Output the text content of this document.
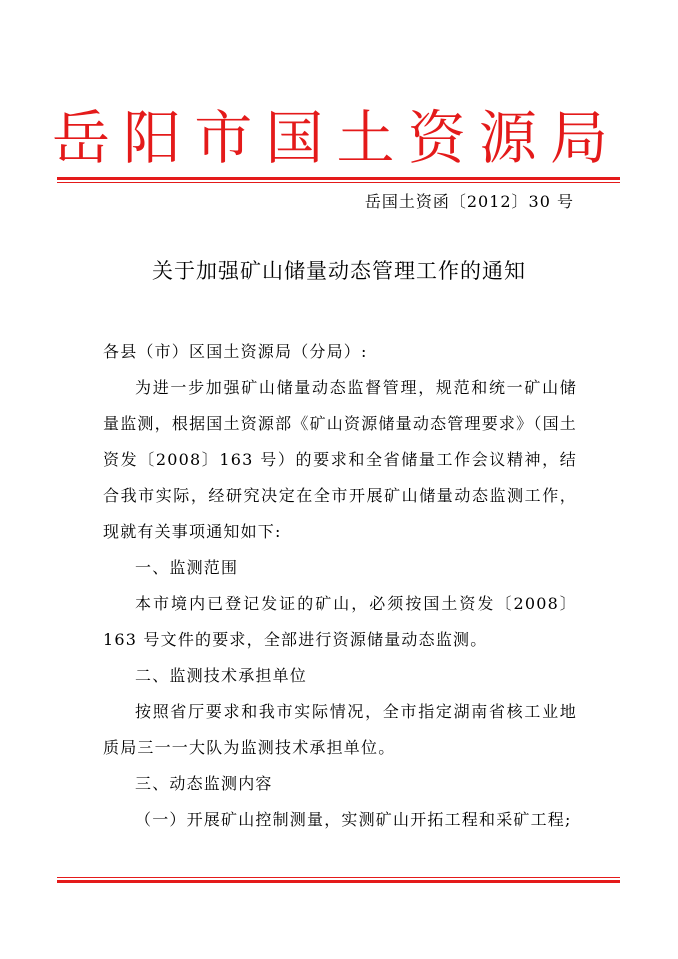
岳 阳 市 国 土 资 源 局
岳国土资函〔2012〕30 号
关于加强矿山储量动态管理工作的通知

各县（市）区国土资源局（分局）:

为进一步加强矿山储量动态监督管理，规范和统一矿山储量监测，根据国土资源部《矿山资源储量动态管理要求》（国土资发〔2008〕163 号）的要求和全省储量工作会议精神，结合我市实际，经研究决定在全市开展矿山储量动态监测工作，现就有关事项通知如下:

一、监测范围

本市境内已登记发证的矿山，必须按国土资发〔2008〕163 号文件的要求，全部进行资源储量动态监测。

二、监测技术承担单位

按照省厅要求和我市实际情况，全市指定湖南省核工业地质局三一一大队为监测技术承担单位。

三、动态监测内容

（一）开展矿山控制测量，实测矿山开拓工程和采矿工程;
